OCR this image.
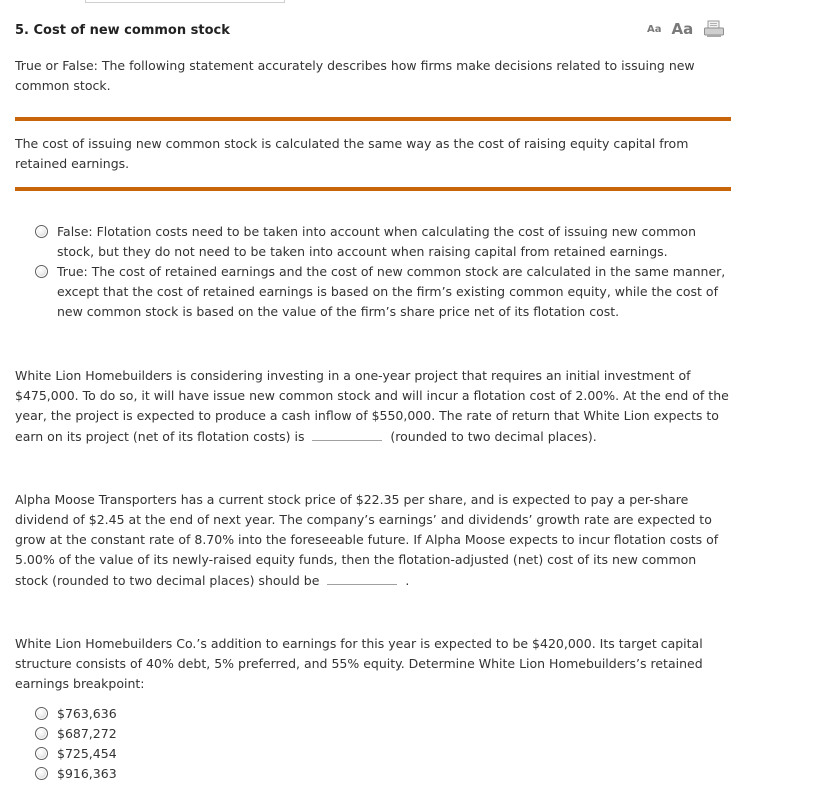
5. Cost of new common stock	Aa Aa
True or False: The following statement accurately describes how firms make decisions related to issuing new common stock.
The cost of issuing new common stock is calculated the same way as the cost of raising equity capital from retained earnings.
False: Flotation costs need to be taken into account when calculating the cost of issuing new common stock, but they do not need to be taken into account when raising capital from retained earnings.
True: The cost of retained earnings and the cost of new common stock are calculated in the same manner, except that the cost of retained earnings is based on the firm’s existing common equity, while the cost of new common stock is based on the value of the firm’s share price net of its flotation cost.
White Lion Homebuilders is considering investing in a one-year project that requires an initial investment of $475,000. To do so, it will have issue new common stock and will incur a flotation cost of 2.00%. At the end of the year, the project is expected to produce a cash inflow of $550,000. The rate of return that White Lion expects to earn on its project (net of its flotation costs) is	(rounded to two decimal places).
Alpha Moose Transporters has a current stock price of $22.35 per share, and is expected to pay a per-share dividend of $2.45 at the end of next year. The company’s earnings’ and dividends’ growth rate are expected to grow at the constant rate of 8.70% into the foreseeable future. If Alpha Moose expects to incur flotation costs of 5.00% of the value of its newly-raised equity funds, then the flotation-adjusted (net) cost of its new common stock (rounded to two decimal places) should be	.
White Lion Homebuilders Co.’s addition to earnings for this year is expected to be $420,000. Its target capital structure consists of 40% debt, 5% preferred, and 55% equity. Determine White Lion Homebuilders’s retained earnings breakpoint:
$763,636
$687,272
$725,454
$916,363
